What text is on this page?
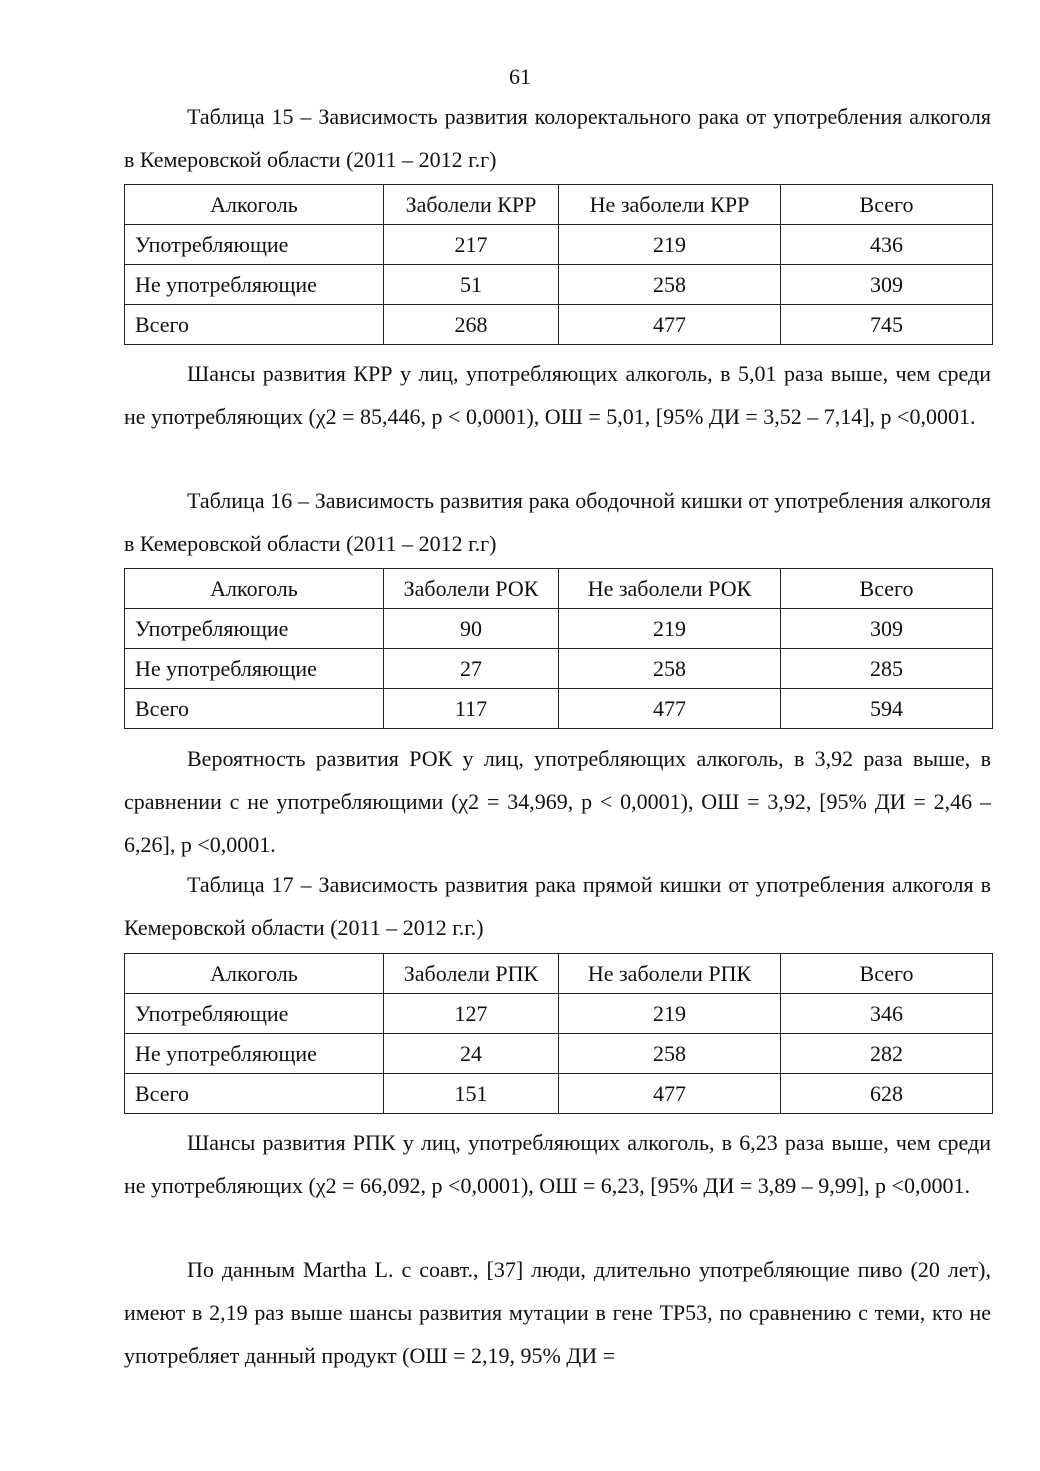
61

Таблица 15 – Зависимость развития колоректального рака от употребления алкоголя в Кемеровской области (2011 – 2012 г.г)

Алкоголь	Заболели КРР	Не заболели КРР	Всего
Употребляющие	217	219	436
Не употребляющие	51	258	309
Всего	268	477	745

Шансы развития КРР у лиц, употребляющих алкоголь, в 5,01 раза выше, чем среди не употребляющих (χ2 = 85,446, p < 0,0001), ОШ = 5,01, [95% ДИ = 3,52 – 7,14], p <0,0001.

Таблица 16 – Зависимость развития рака ободочной кишки от употребления алкоголя в Кемеровской области (2011 – 2012 г.г)

Алкоголь	Заболели РОК	Не заболели РОК	Всего
Употребляющие	90	219	309
Не употребляющие	27	258	285
Всего	117	477	594

Вероятность развития РОК у лиц, употребляющих алкоголь, в 3,92 раза выше, в сравнении с не употребляющими (χ2 = 34,969, p < 0,0001), ОШ = 3,92, [95% ДИ = 2,46 – 6,26], p <0,0001.

Таблица 17 – Зависимость развития рака прямой кишки от употребления алкоголя в Кемеровской области (2011 – 2012 г.г.)

Алкоголь	Заболели РПК	Не заболели РПК	Всего
Употребляющие	127	219	346
Не употребляющие	24	258	282
Всего	151	477	628

Шансы развития РПК у лиц, употребляющих алкоголь, в 6,23 раза выше, чем среди не употребляющих (χ2 = 66,092, p <0,0001), ОШ = 6,23, [95% ДИ = 3,89 – 9,99], p <0,0001.

По данным Martha L. с соавт., [37] люди, длительно употребляющие пиво (20 лет), имеют в 2,19 раз выше шансы развития мутации в гене TP53, по сравнению с теми, кто не употребляет данный продукт (ОШ = 2,19, 95% ДИ =
